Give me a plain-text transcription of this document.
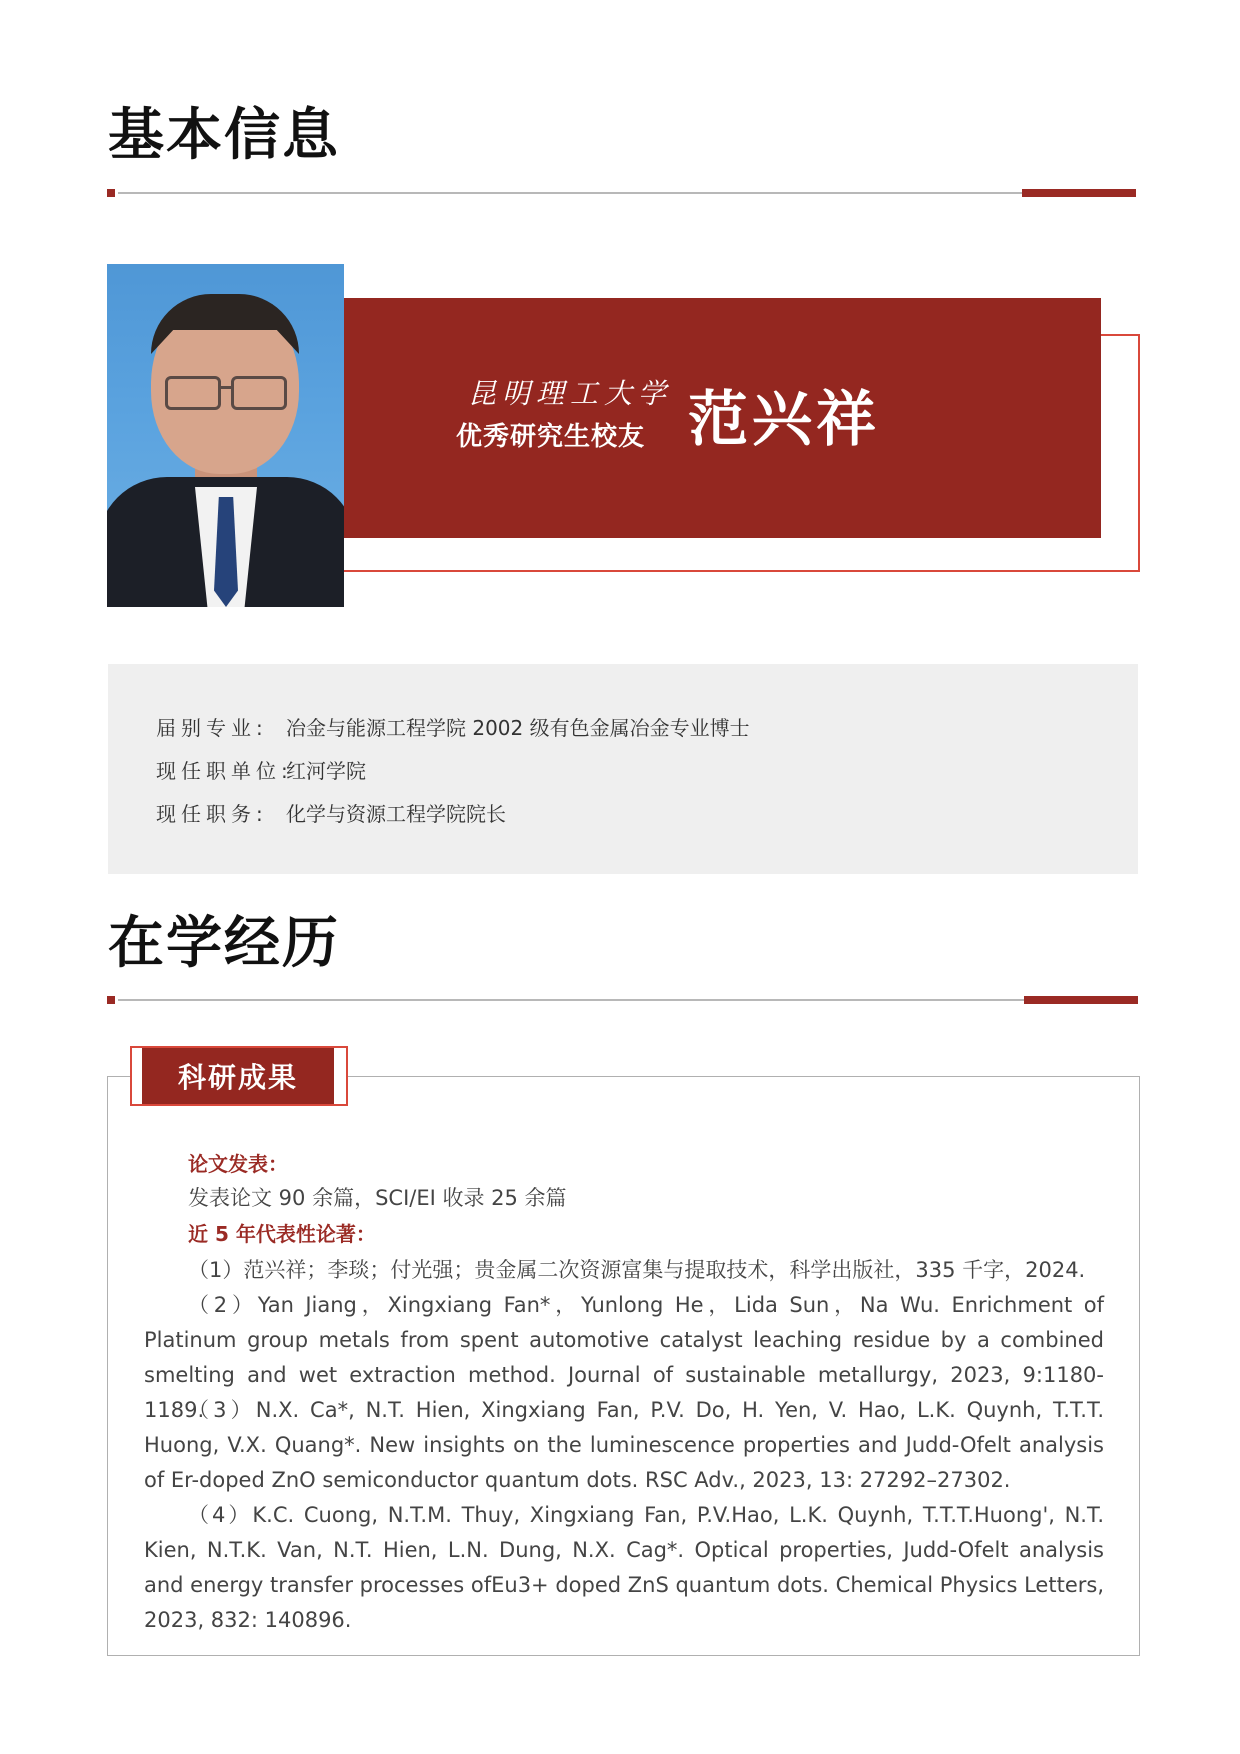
基本信息
昆明理工大学
优秀研究生校友 范兴祥
届别专业: 冶金与能源工程学院 2002 级有色金属冶金专业博士
现任职单位:
红河学院
现任职务: 化学与资源工程学院院长
在学经历
科研成果
论文发表：
发表论文 90 余篇，SCI/EI 收录 25 余篇
近 5 年代表性论著：
（1）范兴祥；李琰；付光强；贵金属二次资源富集与提取技术，科学出版社，335 千字，2024.
（2）Yan Jiang，Xingxiang Fan*，Yunlong He，Lida Sun，Na Wu. Enrichment of Platinum group metals from spent automotive catalyst leaching residue by a combined smelting and wet extraction method. Journal of sustainable metallurgy, 2023, 9:1180-1189.
（3）N.X. Ca*, N.T. Hien, Xingxiang Fan, P.V. Do, H. Yen, V. Hao, L.K. Quynh, T.T.T. Huong, V.X. Quang*. New insights on the luminescence properties and Judd-Ofelt analysis of Er-doped ZnO semiconductor quantum dots. RSC Adv., 2023, 13: 27292–27302.
（4）K.C. Cuong, N.T.M. Thuy, Xingxiang Fan, P.V.Hao, L.K. Quynh, T.T.T.Huong', N.T. Kien, N.T.K. Van, N.T. Hien, L.N. Dung, N.X. Cag*. Optical properties, Judd-Ofelt analysis and energy transfer processes ofEu3+ doped ZnS quantum dots. Chemical Physics Letters, 2023, 832: 140896.
